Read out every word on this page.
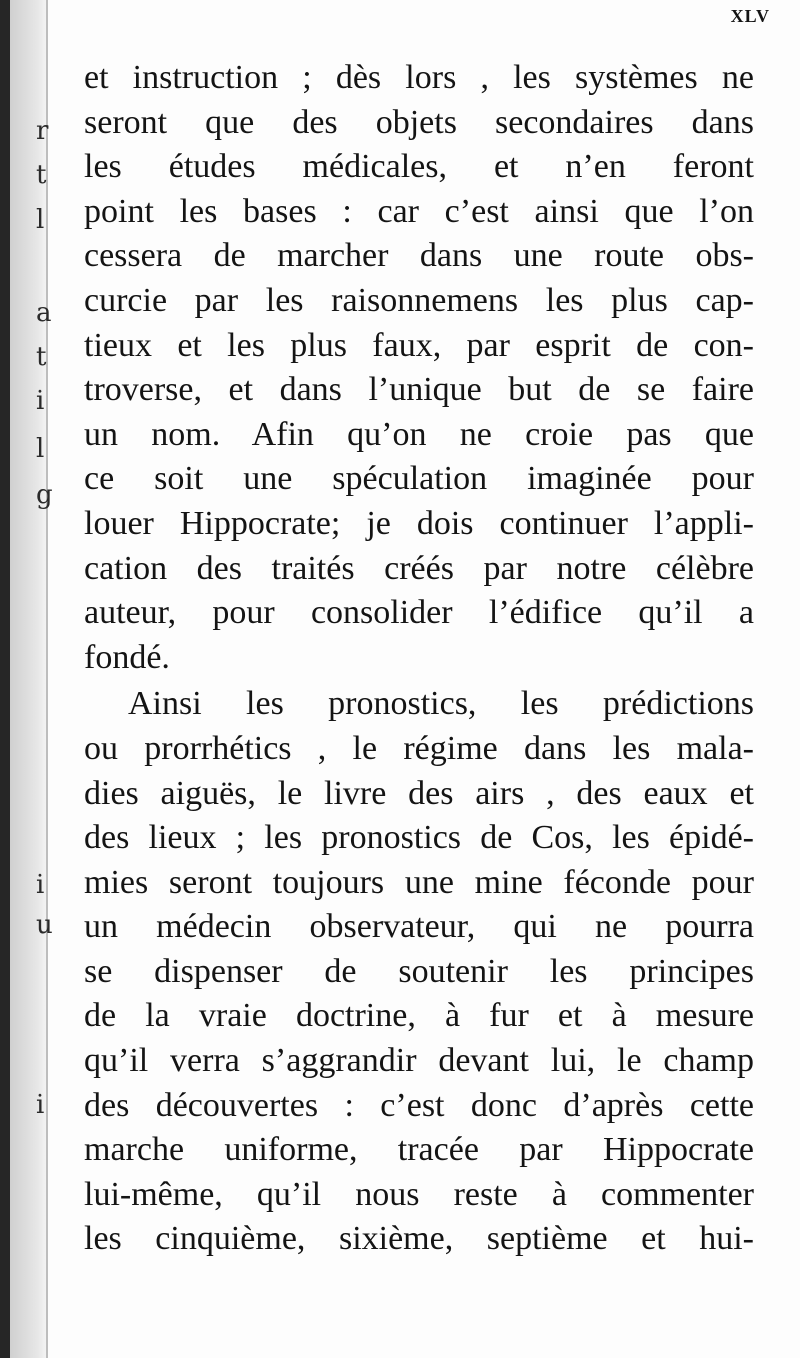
r
t
l
a
t
i
l
g
i
u
i
XLV
et instruction ; dès lors , les systèmes ne
seront que des objets secondaires dans
les études médicales, et n’en feront
point les bases : car c’est ainsi que l’on
cessera de marcher dans une route obs-
curcie par les raisonnemens les plus cap-
tieux et les plus faux, par esprit de con-
troverse, et dans l’unique but de se faire
un nom. Afin qu’on ne croie pas que
ce soit une spéculation imaginée pour
louer Hippocrate; je dois continuer l’appli-
cation des traités créés par notre célèbre
auteur, pour consolider l’édifice qu’il a
fondé.
Ainsi les pronostics, les prédictions
ou prorrhétics , le régime dans les mala-
dies aiguës, le livre des airs , des eaux et
des lieux ; les pronostics de Cos, les épidé-
mies seront toujours une mine féconde pour
un médecin observateur, qui ne pourra
se dispenser de soutenir les principes
de la vraie doctrine, à fur et à mesure
qu’il verra s’aggrandir devant lui, le champ
des découvertes : c’est donc d’après cette
marche uniforme, tracée par Hippocrate
lui-même, qu’il nous reste à commenter
les cinquième, sixième, septième et hui-
